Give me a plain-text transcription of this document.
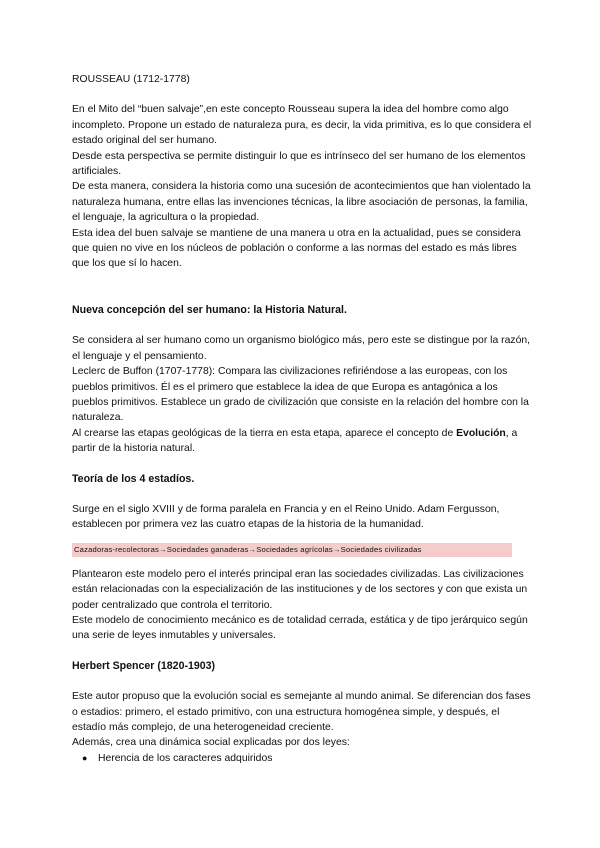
ROUSSEAU (1712-1778)

En el Mito del “buen salvaje”,en este concepto Rousseau supera la idea del hombre como algo incompleto. Propone un estado de naturaleza pura, es decir, la vida primitiva, es lo que considera el estado original del ser humano.

Desde esta perspectiva se permite distinguir lo que es intrínseco del ser humano de los elementos artificiales.

De esta manera, considera la historia como una sucesión de acontecimientos que han violentado la naturaleza humana, entre ellas las invenciones técnicas, la libre asociación de personas, la familia, el lenguaje, la agricultura o la propiedad.

Esta idea del buen salvaje se mantiene de una manera u otra en la actualidad, pues se considera que quien no vive en los núcleos de población o conforme a las normas del estado es más libres que los que sí lo hacen.

Nueva concepción del ser humano: la Historia Natural.

Se considera al ser humano como un organismo biológico más, pero este se distingue por la razón, el lenguaje y el pensamiento.

Leclerc de Buffon (1707-1778): Compara las civilizaciones refiriéndose a las europeas, con los pueblos primitivos. Él es el primero que establece la idea de que Europa es antagónica a los pueblos primitivos. Establece un grado de civilización que consiste en la relación del hombre con la naturaleza.

Al crearse las etapas geológicas de la tierra en esta etapa, aparece el concepto de Evolución, a partir de la historia natural.

Teoría de los 4 estadíos.

Surge en el siglo XVIII y de forma paralela en Francia y en el Reino Unido. Adam Fergusson, establecen por primera vez las cuatro etapas de la historia de la humanidad.

Cazadoras-recolectoras→Sociedades ganaderas→Sociedades agrícolas→Sociedades civilizadas

Plantearon este modelo pero el interés principal eran las sociedades civilizadas. Las civilizaciones están relacionadas con la especialización de las instituciones y de los sectores y con que exista un poder centralizado que controla el territorio.

Este modelo de conocimiento mecánico es de totalidad cerrada, estática y de tipo jerárquico según una serie de leyes inmutables y universales.

Herbert Spencer (1820-1903)

Este autor propuso que la evolución social es semejante al mundo animal. Se diferencian dos fases o estadios: primero, el estado primitivo, con una estructura homogénea simple, y después, el estadío más complejo, de una heterogeneidad creciente.

Además, crea una dinámica social explicadas por dos leyes:

● Herencia de los caracteres adquiridos
